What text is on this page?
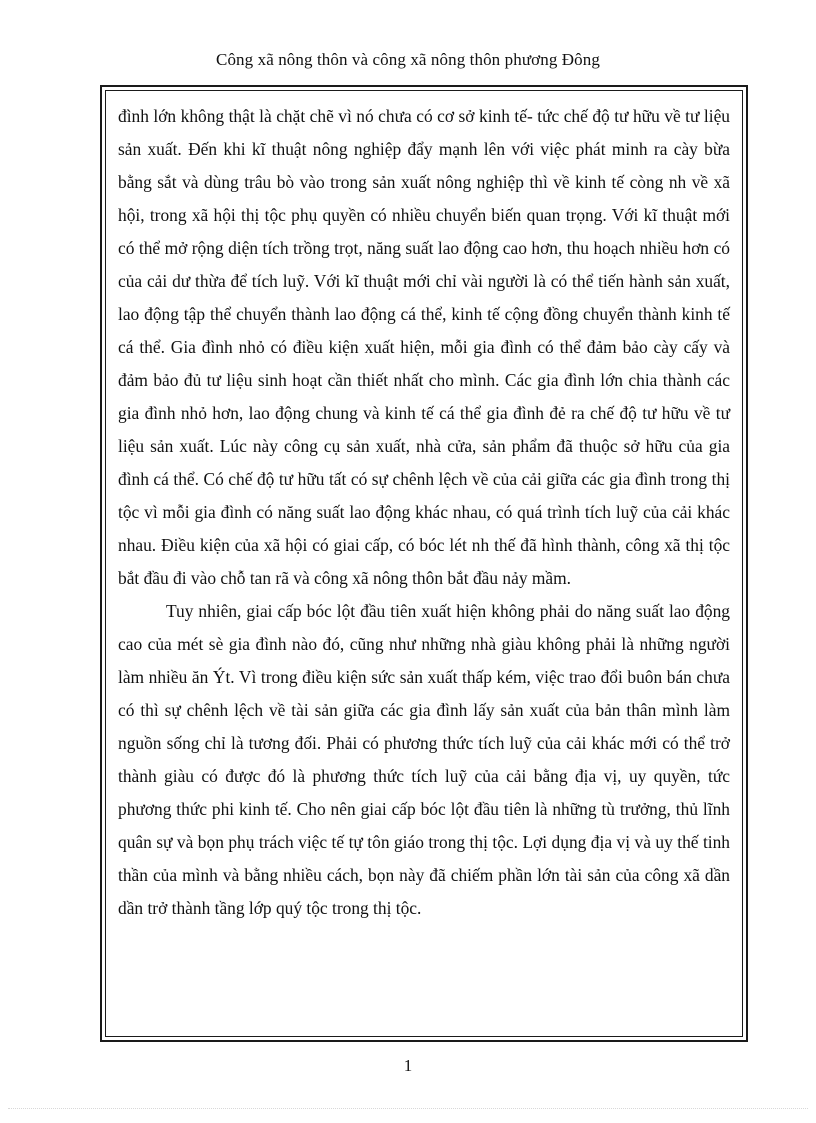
Công xã nông thôn và công xã nông thôn phương Đông

đình lớn không thật là chặt chẽ vì nó chưa có cơ sở kinh tế- tức chế độ tư hữu về tư liệu sản xuất. Đến khi kĩ thuật nông nghiệp đẩy mạnh lên với việc phát minh ra cày bừa bằng sắt và dùng trâu bò vào trong sản xuất nông nghiệp thì về kinh tế còng nh về xã hội, trong xã hội thị tộc phụ quyền có nhiều chuyển biến quan trọng. Với kĩ thuật mới có thể mở rộng diện tích trồng trọt, năng suất lao động cao hơn, thu hoạch nhiều hơn có của cải dư thừa để tích luỹ. Với kĩ thuật mới chỉ vài người là có thể tiến hành sản xuất, lao động tập thể chuyển thành lao động cá thể, kinh tế cộng đồng chuyển thành kinh tế cá thể. Gia đình nhỏ có điều kiện xuất hiện, mỗi gia đình có thể đảm bảo cày cấy và đảm bảo đủ tư liệu sinh hoạt cần thiết nhất cho mình. Các gia đình lớn chia thành các gia đình nhỏ hơn, lao động chung và kinh tế cá thể gia đình đẻ ra chế độ tư hữu về tư liệu sản xuất. Lúc này công cụ sản xuất, nhà cửa, sản phẩm đã thuộc sở hữu của gia đình cá thể. Có chế độ tư hữu tất có sự chênh lệch về của cải giữa các gia đình trong thị tộc vì mỗi gia đình có năng suất lao động khác nhau, có quá trình tích luỹ của cải khác nhau. Điều kiện của xã hội có giai cấp, có bóc lét nh thế đã hình thành, công xã thị tộc bắt đầu đi vào chỗ tan rã và công xã nông thôn bắt đầu nảy mầm.

Tuy nhiên, giai cấp bóc lột đầu tiên xuất hiện không phải do năng suất lao động cao của mét sè gia đình nào đó, cũng như những nhà giàu không phải là những người làm nhiều ăn Ýt. Vì trong điều kiện sức sản xuất thấp kém, việc trao đổi buôn bán chưa có thì sự chênh lệch về tài sản giữa các gia đình lấy sản xuất của bản thân mình làm nguồn sống chỉ là tương đối. Phải có phương thức tích luỹ của cải khác mới có thể trở thành giàu có được đó là phương thức tích luỹ của cải bằng địa vị, uy quyền, tức phương thức phi kinh tế. Cho nên giai cấp bóc lột đầu tiên là những tù trưởng, thủ lĩnh quân sự và bọn phụ trách việc tế tự tôn giáo trong thị tộc. Lợi dụng địa vị và uy thế tinh thần của mình và bằng nhiều cách, bọn này đã chiếm phần lớn tài sản của công xã dần dần trở thành tầng lớp quý tộc trong thị tộc.

1
